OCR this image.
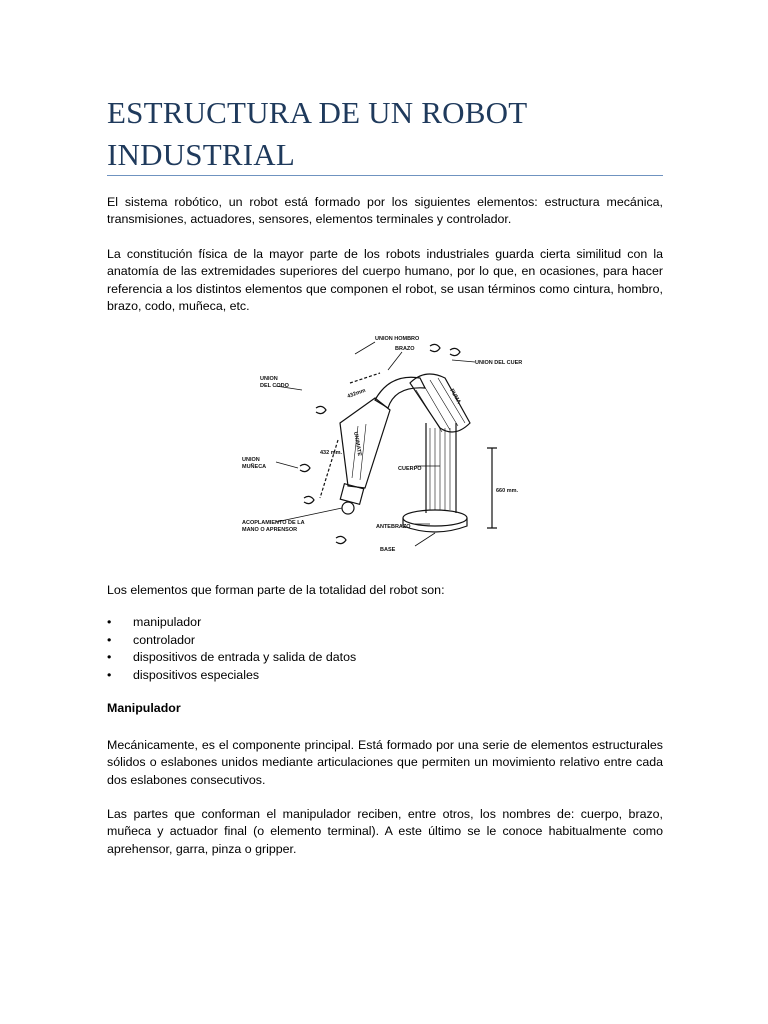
ESTRUCTURA DE UN ROBOT
INDUSTRIAL

El sistema robótico, un robot está formado por los siguientes elementos: estructura mecánica, transmisiones, actuadores, sensores, elementos terminales y controlador.

La constitución física de la mayor parte de los robots industriales guarda cierta similitud con la anatomía de las extremidades superiores del cuerpo humano, por lo que, en ocasiones, para hacer referencia a los distintos elementos que componen el robot, se usan términos como cintura, hombro, brazo, codo, muñeca, etc.

UNION HOMBRO
BRAZO
UNION DEL CUER
UNION
DEL CODO
432mm
432 mm.
UNION
MUÑECA
UNIMATE
PUMA
CUERPO
660 mm.
ACOPLAMIENTO DE LA
MANO O APRENSOR	ANTEBRAZO
BASE

Los elementos que forman parte de la totalidad del robot son:

• manipulador
• controlador
• dispositivos de entrada y salida de datos
• dispositivos especiales

Manipulador

Mecánicamente, es el componente principal. Está formado por una serie de elementos estructurales sólidos o eslabones unidos mediante articulaciones que permiten un movimiento relativo entre cada dos eslabones consecutivos.

Las partes que conforman el manipulador reciben, entre otros, los nombres de: cuerpo, brazo, muñeca y actuador final (o elemento terminal). A este último se le conoce habitualmente como aprehensor, garra, pinza o gripper.
